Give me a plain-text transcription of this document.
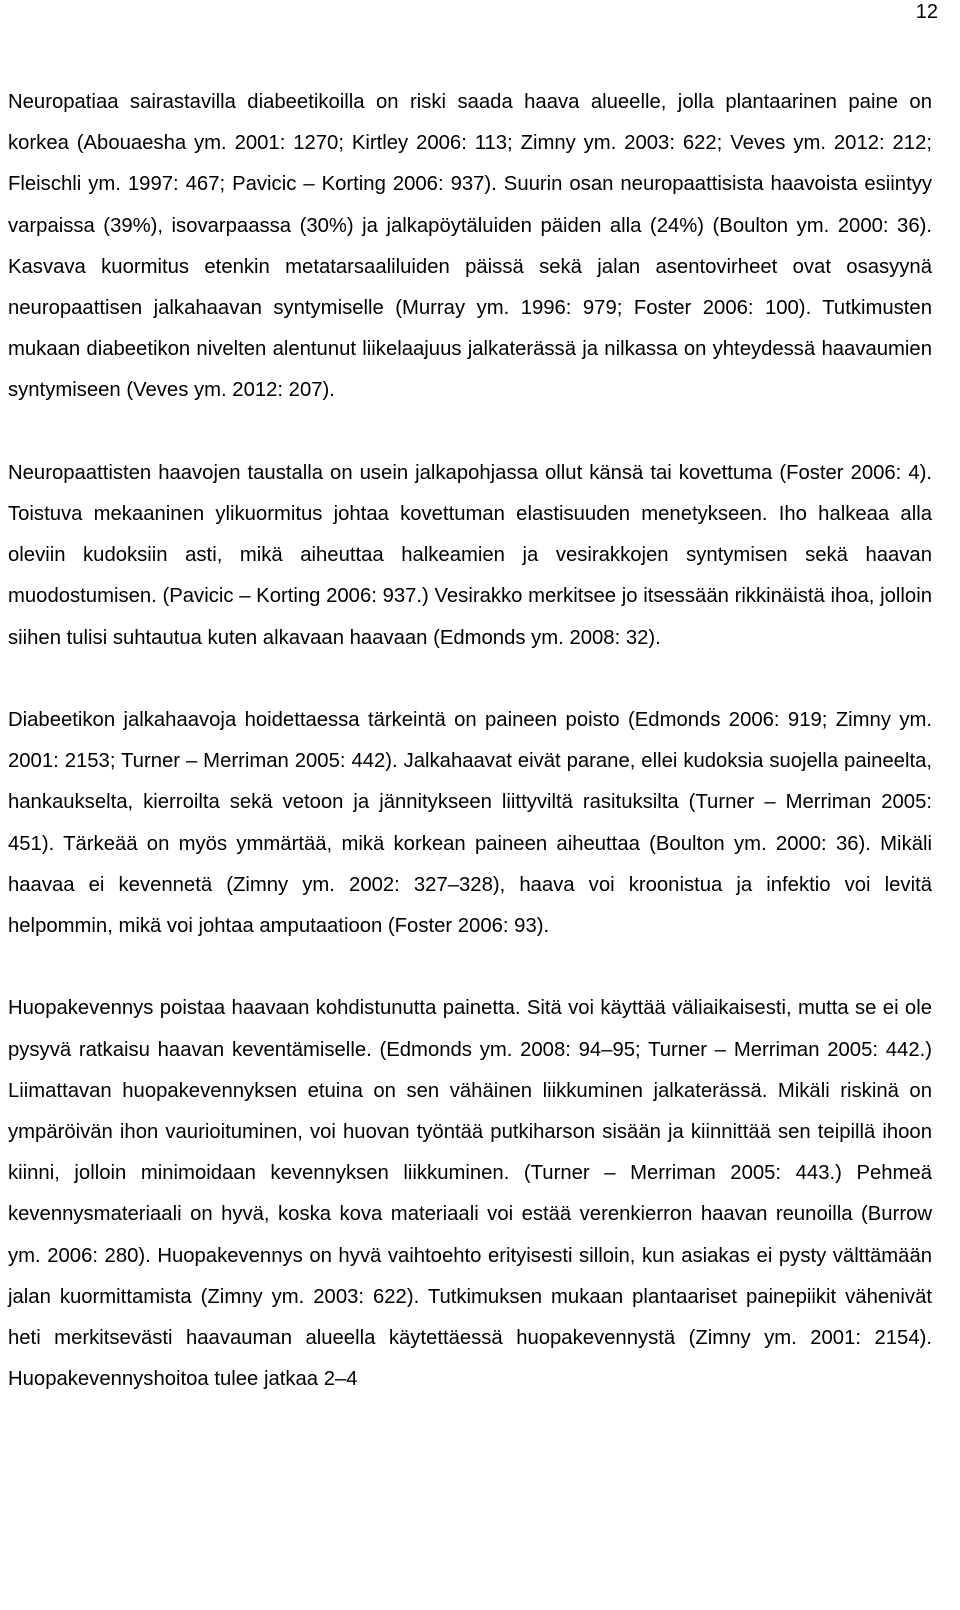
12

Neuropatiaa sairastavilla diabeetikoilla on riski saada haava alueelle, jolla plantaarinen paine on korkea (Abouaesha ym. 2001: 1270; Kirtley 2006: 113; Zimny ym. 2003: 622; Veves ym. 2012: 212; Fleischli ym. 1997: 467; Pavicic – Korting 2006: 937). Suurin osan neuropaattisista haavoista esiintyy varpaissa (39%), isovarpaassa (30%) ja jalkapöytäluiden päiden alla (24%) (Boulton ym. 2000: 36). Kasvava kuormitus etenkin metatarsaaliluiden päissä sekä jalan asentovirheet ovat osasyynä neuropaattisen jalkahaavan syntymiselle (Murray ym. 1996: 979; Foster 2006: 100). Tutkimusten mukaan diabeetikon nivelten alentunut liikelaajuus jalkaterässä ja nilkassa on yhteydessä haavaumien syntymiseen (Veves ym. 2012: 207).

Neuropaattisten haavojen taustalla on usein jalkapohjassa ollut känsä tai kovettuma (Foster 2006: 4). Toistuva mekaaninen ylikuormitus johtaa kovettuman elastisuuden menetykseen. Iho halkeaa alla oleviin kudoksiin asti, mikä aiheuttaa halkeamien ja vesirakkojen syntymisen sekä haavan muodostumisen. (Pavicic – Korting 2006: 937.) Vesirakko merkitsee jo itsessään rikkinäistä ihoa, jolloin siihen tulisi suhtautua kuten alkavaan haavaan (Edmonds ym. 2008: 32).

Diabeetikon jalkahaavoja hoidettaessa tärkeintä on paineen poisto (Edmonds 2006: 919; Zimny ym. 2001: 2153; Turner – Merriman 2005: 442). Jalkahaavat eivät parane, ellei kudoksia suojella paineelta, hankaukselta, kierroilta sekä vetoon ja jännitykseen liittyviltä rasituksilta (Turner – Merriman 2005: 451). Tärkeää on myös ymmärtää, mikä korkean paineen aiheuttaa (Boulton ym. 2000: 36). Mikäli haavaa ei kevennetä (Zimny ym. 2002: 327–328), haava voi kroonistua ja infektio voi levitä helpommin, mikä voi johtaa amputaatioon (Foster 2006: 93).

Huopakevennys poistaa haavaan kohdistunutta painetta. Sitä voi käyttää väliaikaisesti, mutta se ei ole pysyvä ratkaisu haavan keventämiselle. (Edmonds ym. 2008: 94–95; Turner – Merriman 2005: 442.) Liimattavan huopakevennyksen etuina on sen vähäinen liikkuminen jalkaterässä. Mikäli riskinä on ympäröivän ihon vaurioituminen, voi huovan työntää putkiharson sisään ja kiinnittää sen teipillä ihoon kiinni, jolloin minimoidaan kevennyksen liikkuminen. (Turner – Merriman 2005: 443.) Pehmeä kevennysmateriaali on hyvä, koska kova materiaali voi estää verenkierron haavan reunoilla (Burrow ym. 2006: 280). Huopakevennys on hyvä vaihtoehto erityisesti silloin, kun asiakas ei pysty välttämään jalan kuormittamista (Zimny ym. 2003: 622). Tutkimuksen mukaan plantaariset painepiikit vähenivät heti merkitsevästi haavauman alueella käytettäessä huopakevennystä (Zimny ym. 2001: 2154). Huopakevennyshoitoa tulee jatkaa 2–4
